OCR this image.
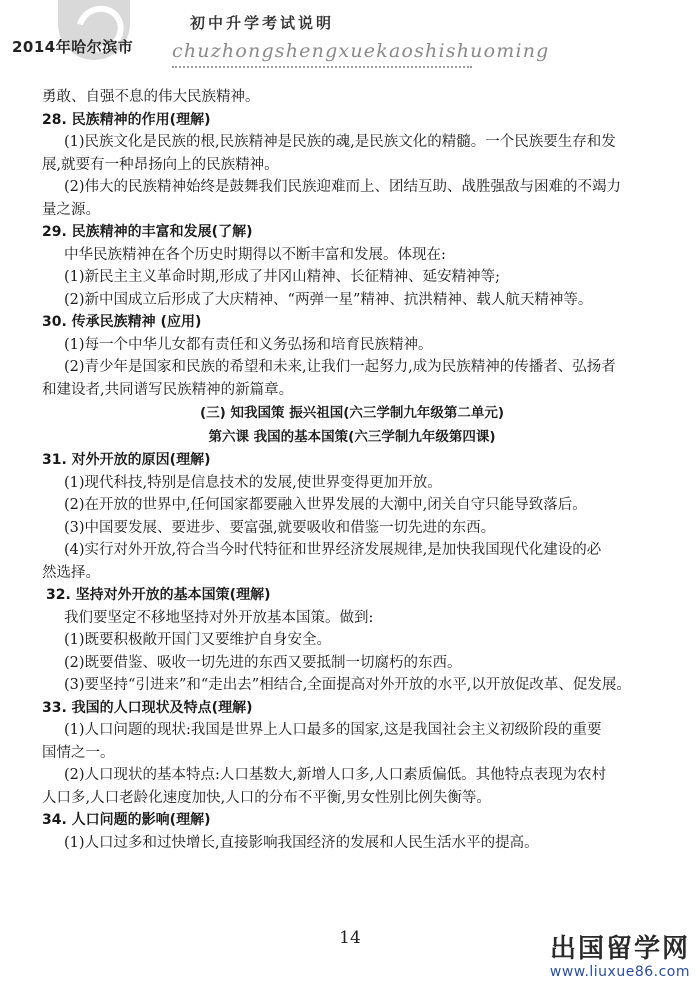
2014年哈尔滨市
初中升学考试说明
chuzhongshengxuekaoshishuoming

勇敢、自强不息的伟大民族精神。

28. 民族精神的作用(理解)

(1)民族文化是民族的根,民族精神是民族的魂,是民族文化的精髓。一个民族要生存和发

展,就要有一种昂扬向上的民族精神。

(2)伟大的民族精神始终是鼓舞我们民族迎难而上、团结互助、战胜强敌与困难的不竭力

量之源。

29. 民族精神的丰富和发展(了解)

中华民族精神在各个历史时期得以不断丰富和发展。体现在:

(1)新民主主义革命时期,形成了井冈山精神、长征精神、延安精神等;

(2)新中国成立后形成了大庆精神、“两弹一星”精神、抗洪精神、载人航天精神等。

30. 传承民族精神 (应用)

(1)每一个中华儿女都有责任和义务弘扬和培育民族精神。

(2)青少年是国家和民族的希望和未来,让我们一起努力,成为民族精神的传播者、弘扬者

和建设者,共同谱写民族精神的新篇章。

(三) 知我国策 振兴祖国(六三学制九年级第二单元)

第六课 我国的基本国策(六三学制九年级第四课)

31. 对外开放的原因(理解)

(1)现代科技,特别是信息技术的发展,使世界变得更加开放。

(2)在开放的世界中,任何国家都要融入世界发展的大潮中,闭关自守只能导致落后。

(3)中国要发展、要进步、要富强,就要吸收和借鉴一切先进的东西。

(4)实行对外开放,符合当今时代特征和世界经济发展规律,是加快我国现代化建设的必

然选择。

32. 坚持对外开放的基本国策(理解)

我们要坚定不移地坚持对外开放基本国策。做到:

(1)既要积极敞开国门又要维护自身安全。

(2)既要借鉴、吸收一切先进的东西又要抵制一切腐朽的东西。

(3)要坚持“引进来”和“走出去”相结合,全面提高对外开放的水平,以开放促改革、促发展。

33. 我国的人口现状及特点(理解)

(1)人口问题的现状:我国是世界上人口最多的国家,这是我国社会主义初级阶段的重要

国情之一。

(2)人口现状的基本特点:人口基数大,新增人口多,人口素质偏低。其他特点表现为农村

人口多,人口老龄化速度加快,人口的分布不平衡,男女性别比例失衡等。

34. 人口问题的影响(理解)

(1)人口过多和过快增长,直接影响我国经济的发展和人民生活水平的提高。

14	出国留学网
www.liuxue86.com
